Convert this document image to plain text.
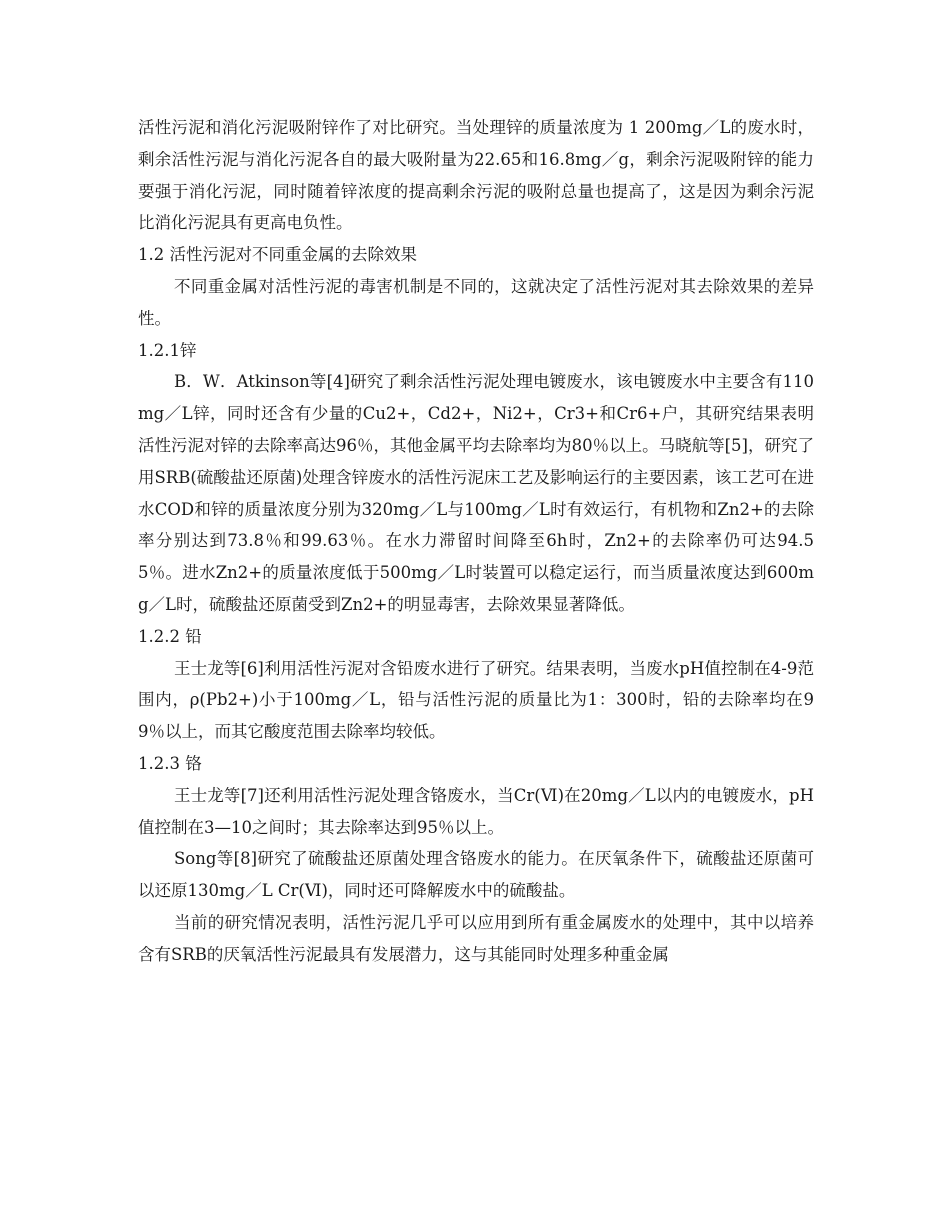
活性污泥和消化污泥吸附锌作了对比研究。当处理锌的质量浓度为 1 200mg／L的废水时，剩余活性污泥与消化污泥各自的最大吸附量为22.65和16.8mg／g，剩余污泥吸附锌的能力要强于消化污泥，同时随着锌浓度的提高剩余污泥的吸附总量也提高了，这是因为剩余污泥比消化污泥具有更高电负性。

1.2 活性污泥对不同重金属的去除效果

不同重金属对活性污泥的毒害机制是不同的，这就决定了活性污泥对其去除效果的差异性。

1.2.1锌

B．W．Atkinson等[4]研究了剩余活性污泥处理电镀废水，该电镀废水中主要含有110mg／L锌，同时还含有少量的Cu2+，Cd2+，Ni2+，Cr3+和Cr6+户，其研究结果表明活性污泥对锌的去除率高达96％，其他金属平均去除率均为80％以上。马晓航等[5]，研究了用SRB(硫酸盐还原菌)处理含锌废水的活性污泥床工艺及影响运行的主要因素，该工艺可在进水COD和锌的质量浓度分别为320mg／L与100mg／L时有效运行，有机物和Zn2+的去除率分别达到73.8％和99.63％。在水力滞留时间降至6h时，Zn2+的去除率仍可达94.55％。进水Zn2+的质量浓度低于500mg／L时装置可以稳定运行，而当质量浓度达到600mg／L时，硫酸盐还原菌受到Zn2+的明显毒害，去除效果显著降低。

1.2.2 铅

王士龙等[6]利用活性污泥对含铅废水进行了研究。结果表明，当废水pH值控制在4-9范围内，ρ(Pb2+)小于100mg／L，铅与活性污泥的质量比为1：300时，铅的去除率均在99％以上，而其它酸度范围去除率均较低。

1.2.3 铬

王士龙等[7]还利用活性污泥处理含铬废水，当Cr(Ⅵ)在20mg／L以内的电镀废水，pH值控制在3—10之间时；其去除率达到95％以上。

Song等[8]研究了硫酸盐还原菌处理含铬废水的能力。在厌氧条件下，硫酸盐还原菌可以还原130mg／L Cr(Ⅵ)，同时还可降解废水中的硫酸盐。

当前的研究情况表明，活性污泥几乎可以应用到所有重金属废水的处理中，其中以培养含有SRB的厌氧活性污泥最具有发展潜力，这与其能同时处理多种重金属
